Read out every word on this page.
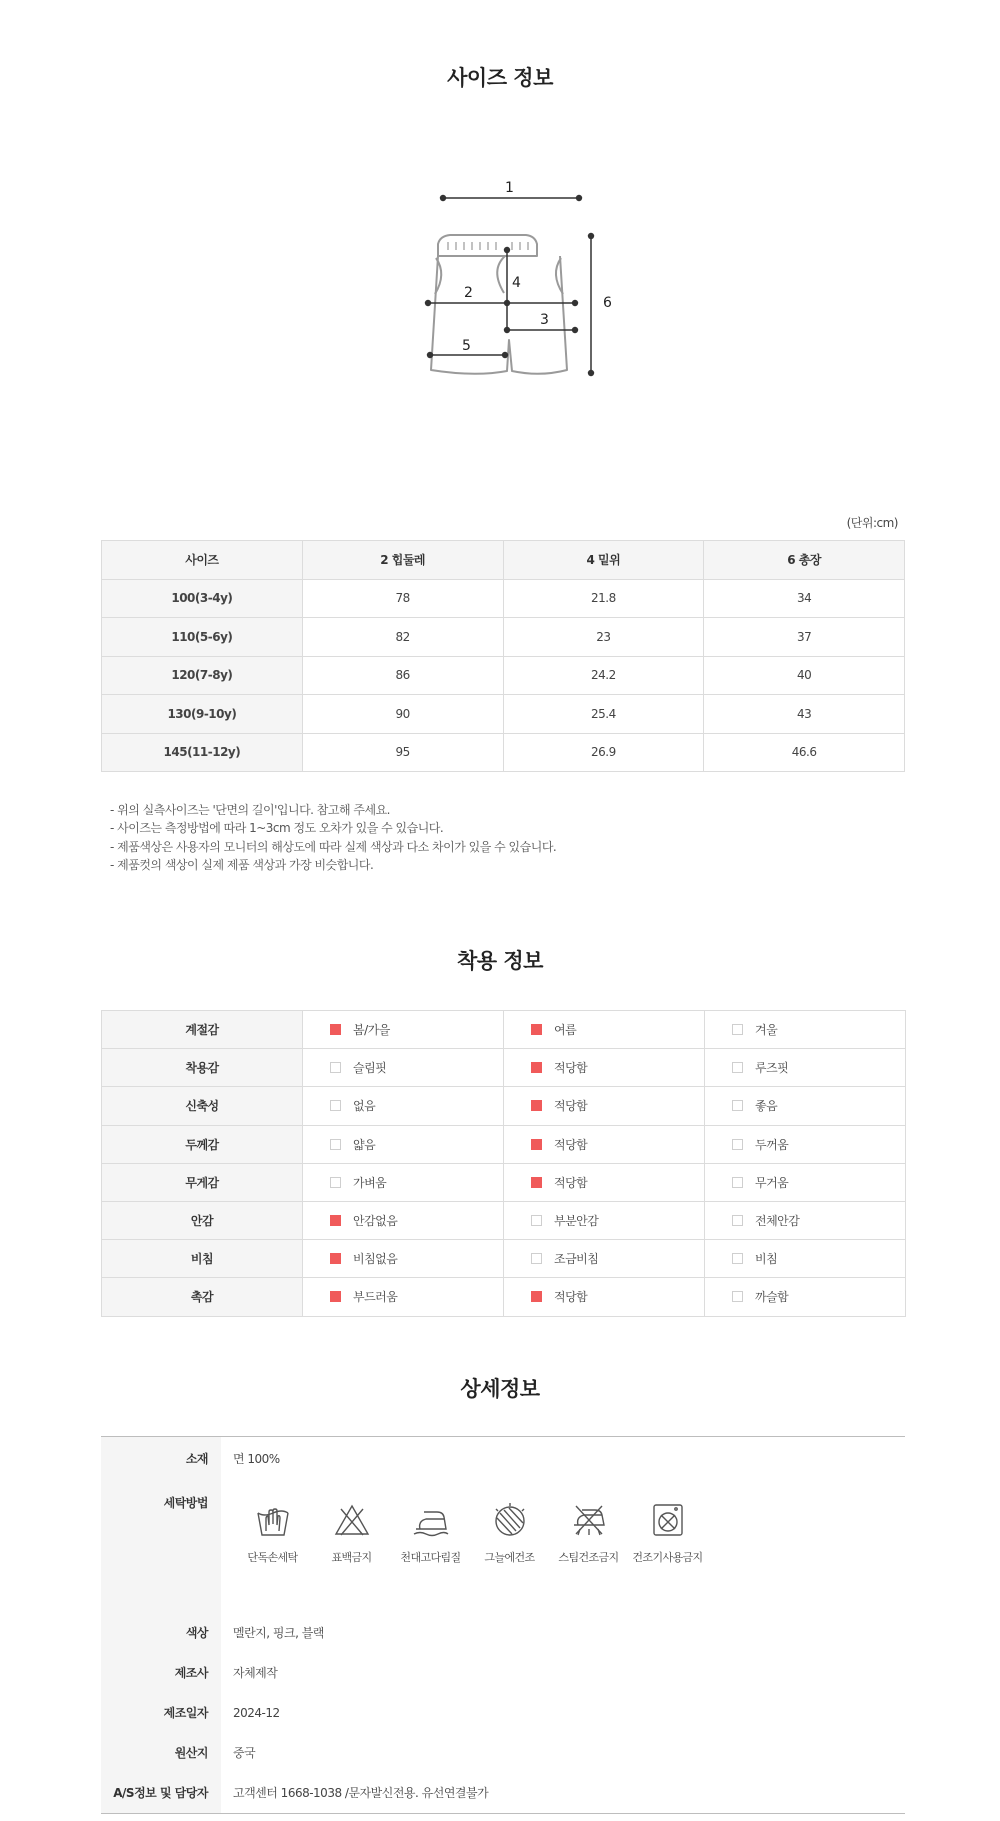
사이즈 정보
1
2
3
4
5
6
(단위:cm)
사이즈	2 힙둘레	4 밑위	6 총장
100(3-4y)	78	21.8	34
110(5-6y)	82	23	37
120(7-8y)	86	24.2	40
130(9-10y)	90	25.4	43
145(11-12y)	95	26.9	46.6
- 위의 실측사이즈는 '단면의 길이'입니다. 참고해 주세요.
- 사이즈는 측정방법에 따라 1~3cm 정도 오차가 있을 수 있습니다.
- 제품색상은 사용자의 모니터의 해상도에 따라 실제 색상과 다소 차이가 있을 수 있습니다.
- 제품컷의 색상이 실제 제품 색상과 가장 비슷합니다.
착용 정보
계절감	봄/가을	여름	겨울
착용감	슬림핏	적당함	루즈핏
신축성	없음	적당함	좋음
두께감	얇음	적당함	두꺼움
무게감	가벼움	적당함	무거움
안감	안감없음	부분안감	전체안감
비침	비침없음	조금비침	비침
촉감	부드러움	적당함	까슬함
상세정보
소재	면 100%
세탁방법
단독손세탁	표백금지	천대고다림질	그늘에건조	스팀건조금지	건조기사용금지
색상	멜란지, 핑크, 블랙
제조사	자체제작
제조일자	2024-12
원산지	중국
A/S정보 및 담당자	고객센터 1668-1038 /문자발신전용. 유선연결불가
